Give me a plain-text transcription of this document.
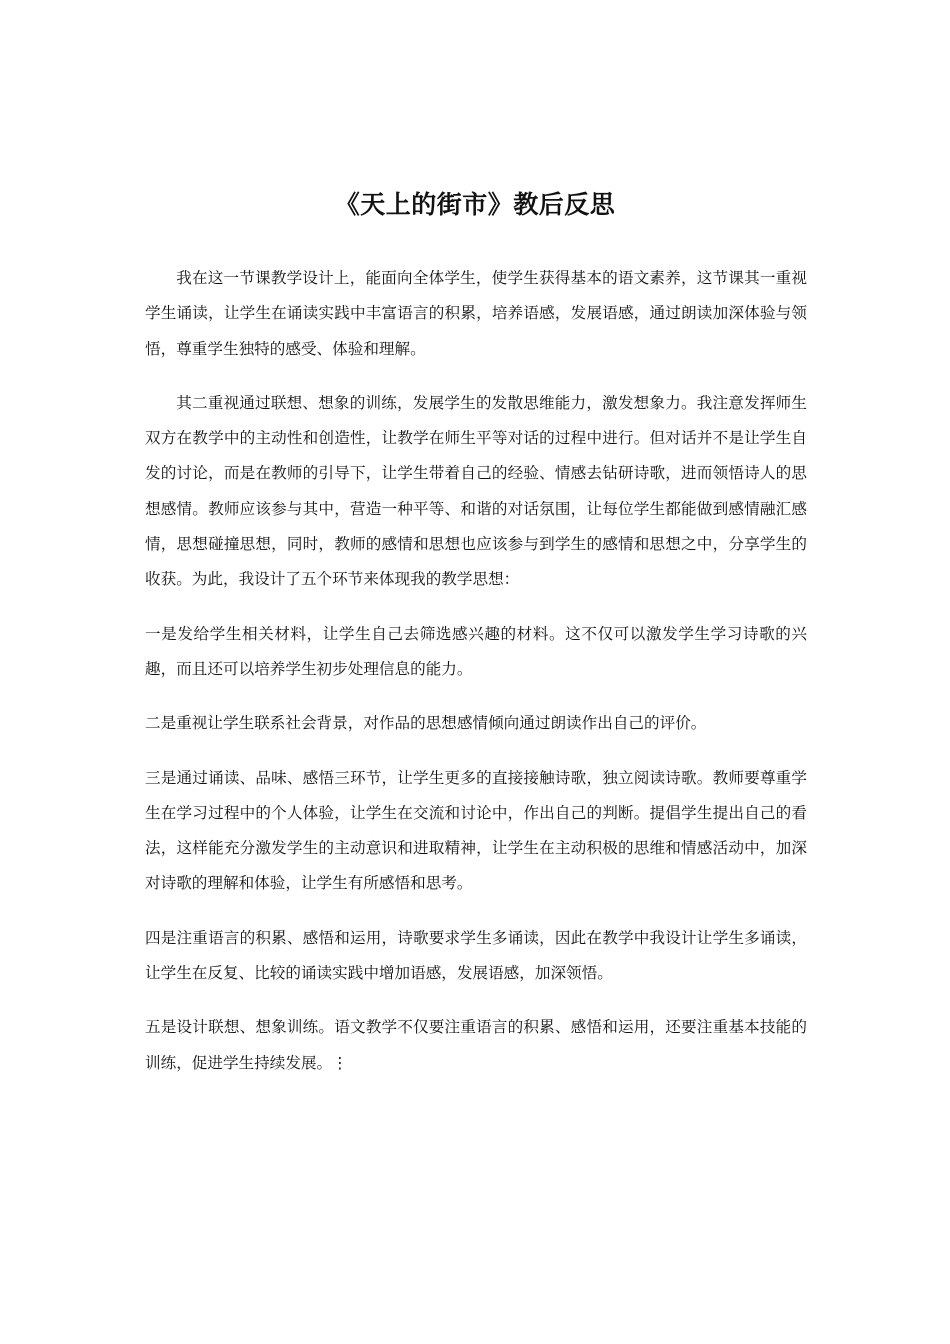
《天上的街市》教后反思

我在这一节课教学设计上，能面向全体学生，使学生获得基本的语文素养，这节课其一重视学生诵读，让学生在诵读实践中丰富语言的积累，培养语感，发展语感，通过朗读加深体验与领悟，尊重学生独特的感受、体验和理解。

其二重视通过联想、想象的训练，发展学生的发散思维能力，激发想象力。我注意发挥师生双方在教学中的主动性和创造性，让教学在师生平等对话的过程中进行。但对话并不是让学生自发的讨论，而是在教师的引导下，让学生带着自己的经验、情感去钻研诗歌，进而领悟诗人的思想感情。教师应该参与其中，营造一种平等、和谐的对话氛围，让每位学生都能做到感情融汇感情，思想碰撞思想，同时，教师的感情和思想也应该参与到学生的感情和思想之中，分享学生的收获。为此，我设计了五个环节来体现我的教学思想：

一是发给学生相关材料，让学生自己去筛选感兴趣的材料。这不仅可以激发学生学习诗歌的兴趣，而且还可以培养学生初步处理信息的能力。

二是重视让学生联系社会背景，对作品的思想感情倾向通过朗读作出自己的评价。

三是通过诵读、品味、感悟三环节，让学生更多的直接接触诗歌，独立阅读诗歌。教师要尊重学生在学习过程中的个人体验，让学生在交流和讨论中，作出自己的判断。提倡学生提出自己的看法，这样能充分激发学生的主动意识和进取精神，让学生在主动积极的思维和情感活动中，加深对诗歌的理解和体验，让学生有所感悟和思考。

四是注重语言的积累、感悟和运用，诗歌要求学生多诵读，因此在教学中我设计让学生多诵读，让学生在反复、比较的诵读实践中增加语感，发展语感，加深领悟。

五是设计联想、想象训练。语文教学不仅要注重语言的积累、感悟和运用，还要注重基本技能的训练，促进学生持续发展。⋮
